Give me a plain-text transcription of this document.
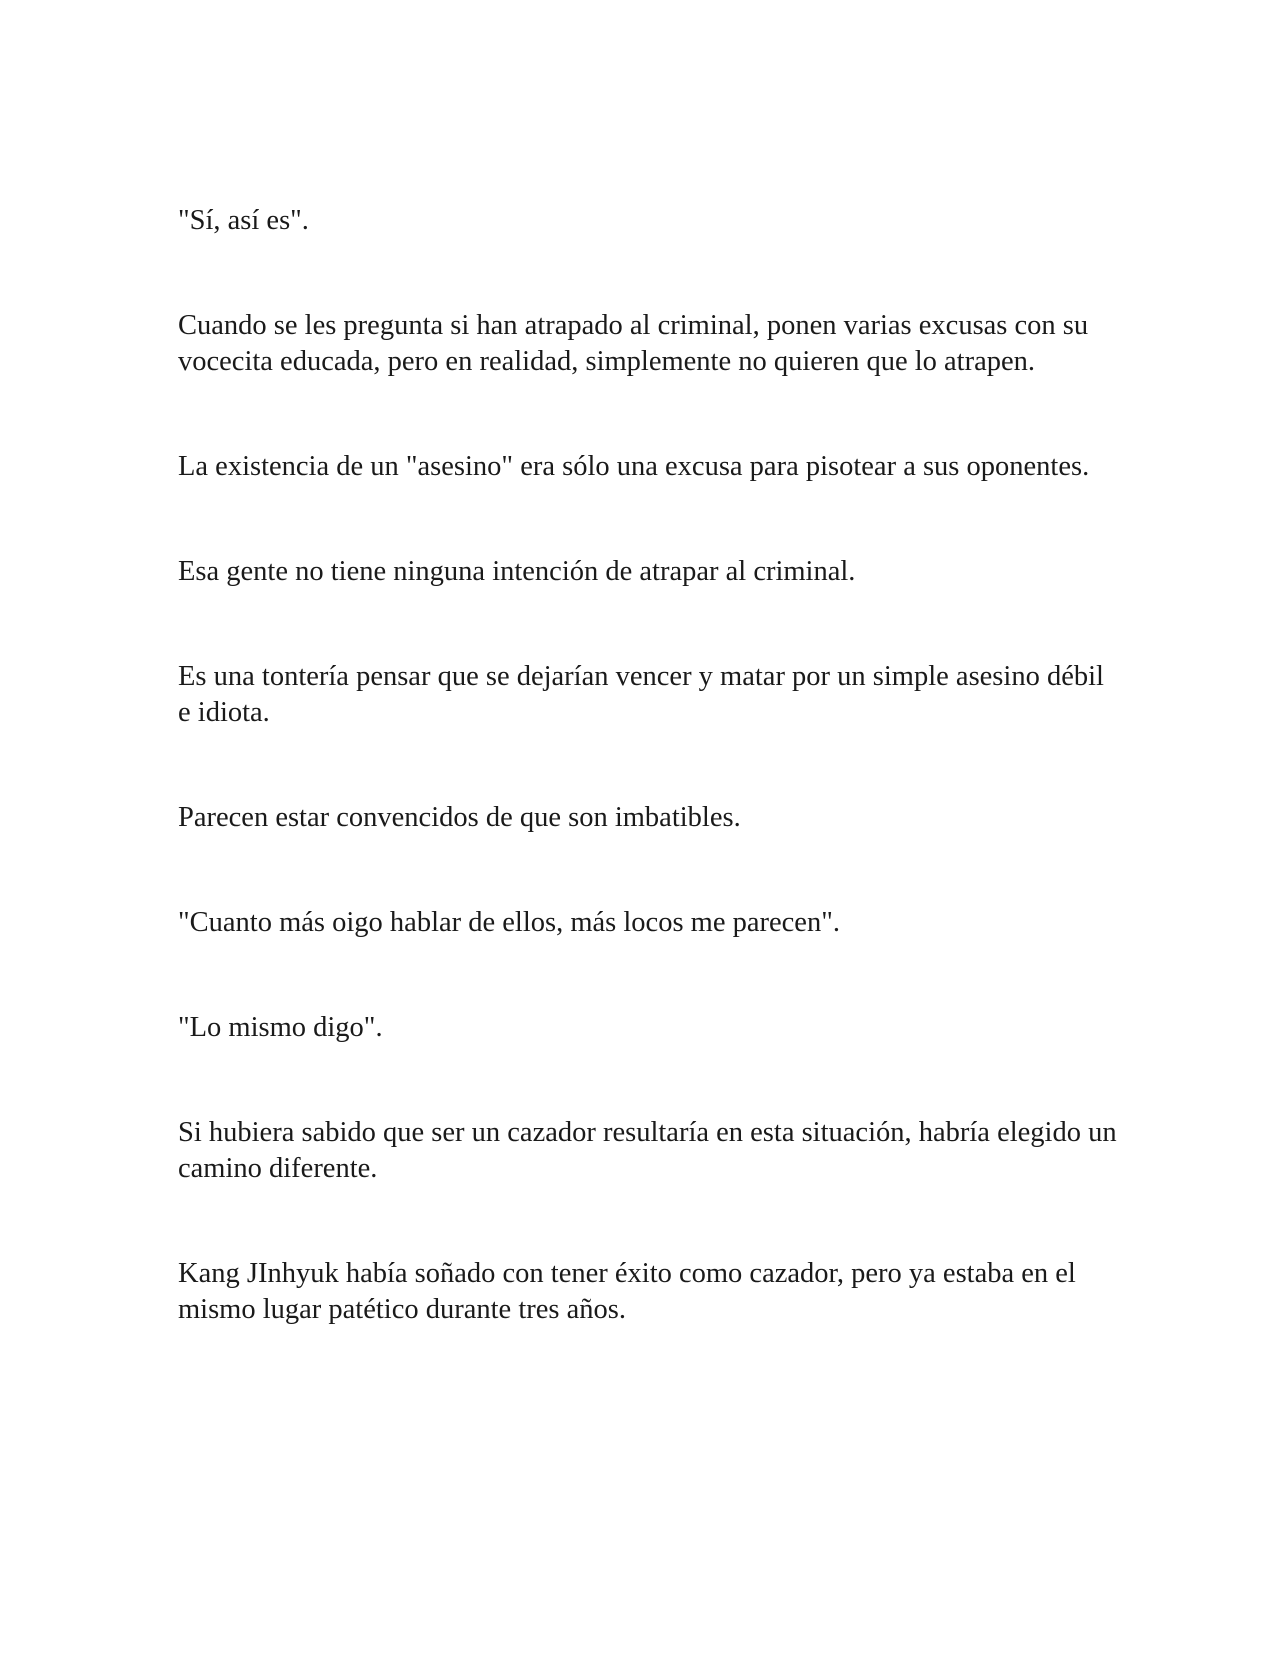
"Sí, así es".

Cuando se les pregunta si han atrapado al criminal, ponen varias excusas con su vocecita educada, pero en realidad, simplemente no quieren que lo atrapen.

La existencia de un "asesino" era sólo una excusa para pisotear a sus oponentes.

Esa gente no tiene ninguna intención de atrapar al criminal.

Es una tontería pensar que se dejarían vencer y matar por un simple asesino débil e idiota.

Parecen estar convencidos de que son imbatibles.

"Cuanto más oigo hablar de ellos, más locos me parecen".

"Lo mismo digo".

Si hubiera sabido que ser un cazador resultaría en esta situación, habría elegido un camino diferente.

Kang JInhyuk había soñado con tener éxito como cazador, pero ya estaba en el mismo lugar patético durante tres años.
